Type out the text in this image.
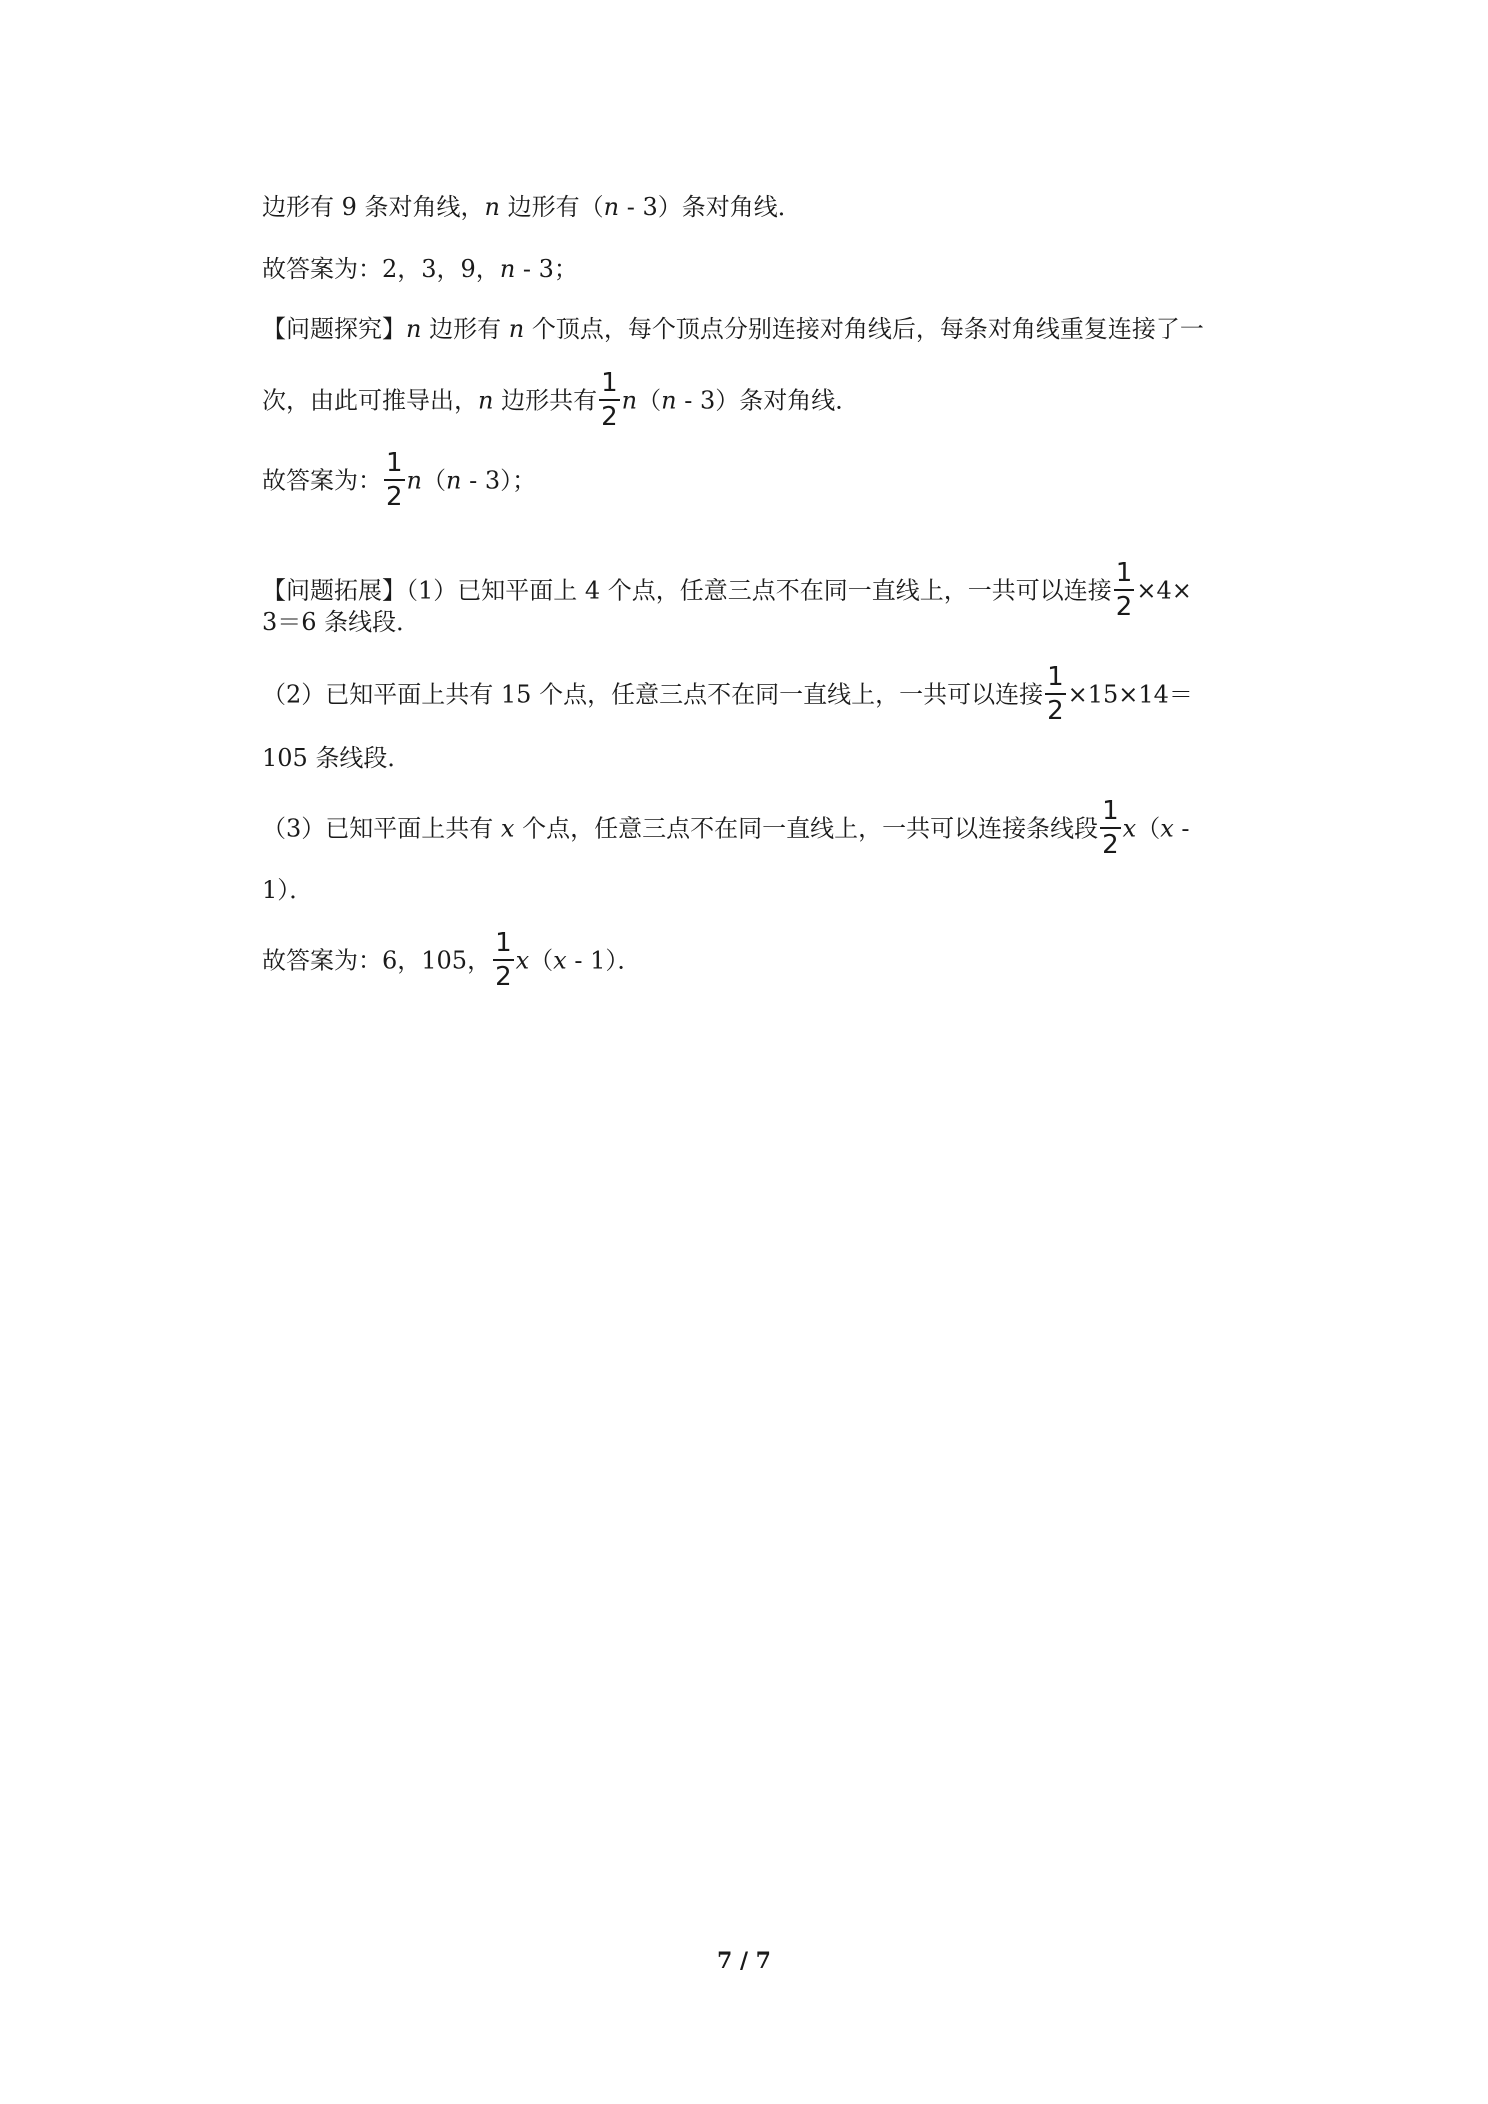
边形有 9 条对角线，n 边形有（n - 3）条对角线．
故答案为：2，3，9，n - 3；
【问题探究】n 边形有 n 个顶点，每个顶点分别连接对角线后，每条对角线重复连接了一
次，由此可推导出，n 边形共有 $\frac{1}{2} n(n - 3)$条对角线．
故答案为： $\frac{1}{2} n(n - 3)$；
【问题拓展】（1）已知平面上 4 个点，任意三点不在同一直线上，一共可以连接 $\frac{1}{2} \times 4\times$
3＝6 条线段．
（2）已知平面上共有 15 个点，任意三点不在同一直线上，一共可以连接 $\frac{1}{2} \times 15\times 14=$
105 条线段．
（3）已知平面上共有 x 个点，任意三点不在同一直线上，一共可以连接条线段 $\frac{1}{2} x(x$ -
1）．
故答案为：6，105， $\frac{1}{2} x(x - 1)$．
7 / 7
